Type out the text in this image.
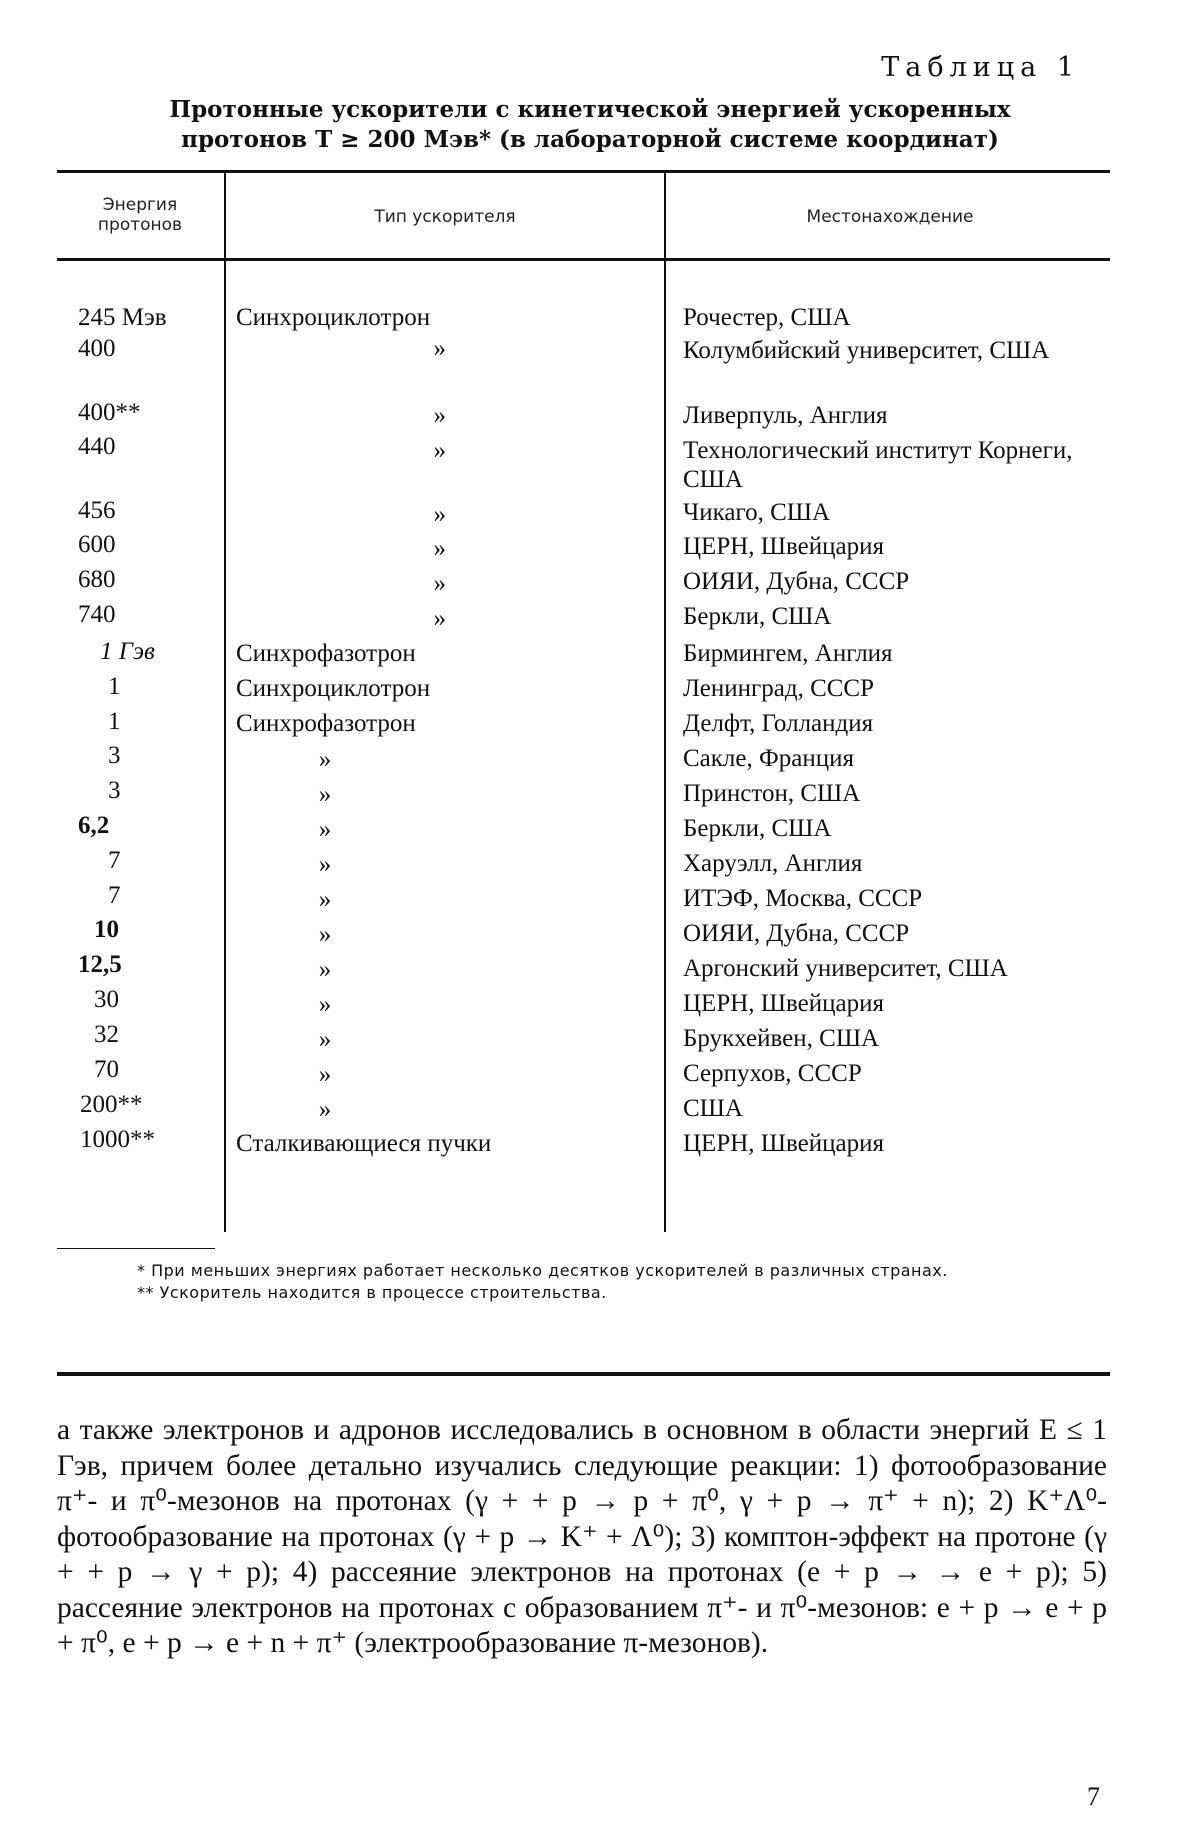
Таблица 1
Протонные ускорители с кинетической энергией ускоренных
протонов T ≥ 200 Мэв* (в лабораторной системе координат)
Энергия
протонов	Тип ускорителя	Местонахождение
245 Мэв	Синхроциклотрон	Рочестер, США
400	»	Колумбийский университет, США
400**	»	Ливерпуль, Англия
440	»	Технологический институт Корнеги, США
456	»	Чикаго, США
600	»	ЦЕРН, Швейцария
680	»	ОИЯИ, Дубна, СССР
740	»	Беркли, США
1 Гэв	Синхрофазотрон	Бирмингем, Англия
1	Синхроциклотрон	Ленинград, СССР
1	Синхрофазотрон	Делфт, Голландия
3	»	Сакле, Франция
3	»	Принстон, США
6,2	»	Беркли, США
7	»	Харуэлл, Англия
7	»	ИТЭФ, Москва, СССР
10	»	ОИЯИ, Дубна, СССР
12,5	»	Аргонский университет, США
30	»	ЦЕРН, Швейцария
32	»	Брукхейвен, США
70	»	Серпухов, СССР
200**	»	США
1000**	Сталкивающиеся пучки	ЦЕРН, Швейцария
* При меньших энергиях работает несколько десятков ускорителей в различных странах.
** Ускоритель находится в процессе строительства.

а также электронов и адронов исследовались в основном в области энергий E ≤ 1 Гэв, причем более детально изучались следующие реакции: 1) фотообразование π⁺- и π⁰-мезонов на протонах (γ + + p → p + π⁰, γ + p → π⁺ + n); 2) K⁺Λ⁰-фотообразование на протонах (γ + p → K⁺ + Λ⁰); 3) комптон-эффект на протоне (γ + + p → γ + p); 4) рассеяние электронов на протонах (e + p → → e + p); 5) рассеяние электронов на протонах с образованием π⁺- и π⁰-мезонов: e + p → e + p + π⁰, e + p → e + n + π⁺ (электрообразование π-мезонов).

7
